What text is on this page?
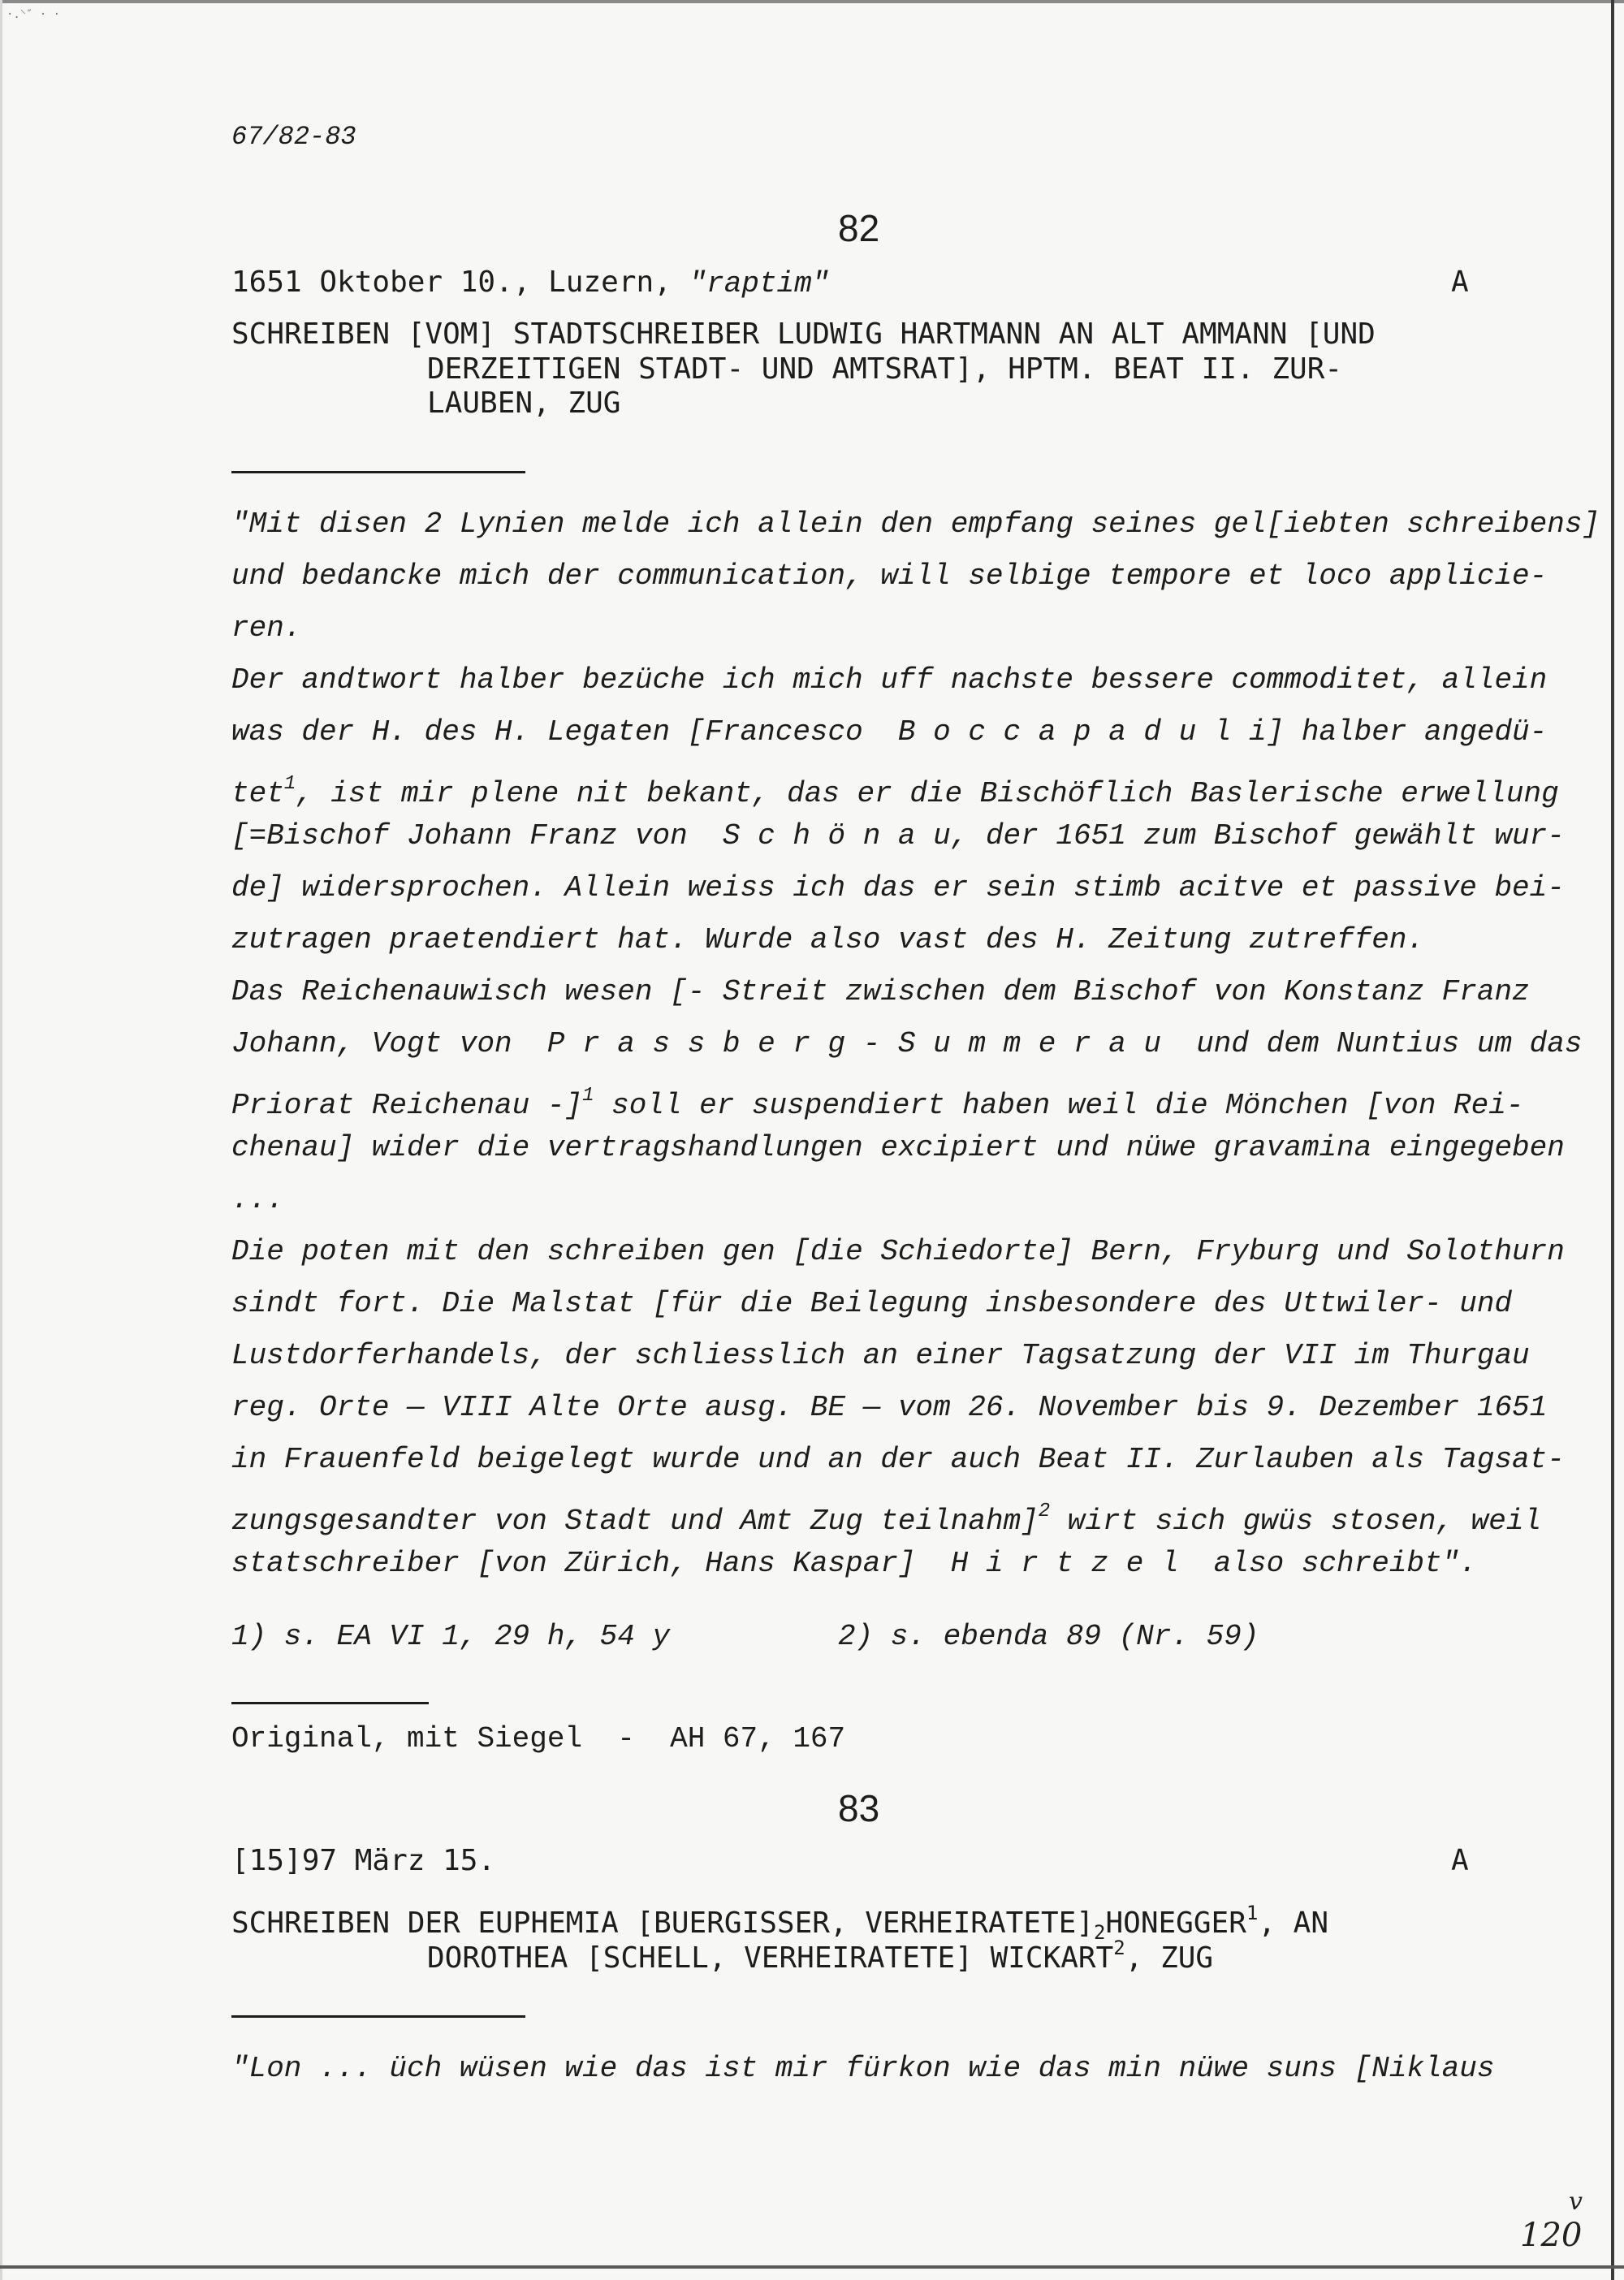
·.⸌″ · ·
67/82-83
82
1651 Oktober 10., Luzern, "raptim"	A
SCHREIBEN [VOM] STADTSCHREIBER LUDWIG HARTMANN AN ALT AMMANN [UND
DERZEITIGEN STADT- UND AMTSRAT], HPTM. BEAT II. ZUR-
LAUBEN, ZUG
"Mit disen 2 Lynien melde ich allein den empfang seines gel[iebten schreibens]
und bedancke mich der communication, will selbige tempore et loco applicie-
ren.
Der andtwort halber bezüche ich mich uff nachste bessere commoditet, allein
was der H. des H. Legaten [Francesco  B o c c a p a d u l i] halber angedü-
tet$^1$, ist mir plene nit bekant, das er die Bischöflich Baslerische erwellung
[=Bischof Johann Franz von  S c h ö n a u, der 1651 zum Bischof gewählt wur-
de] widersprochen. Allein weiss ich das er sein stimb acitve et passive bei-
zutragen praetendiert hat. Wurde also vast des H. Zeitung zutreffen.
Das Reichenauwisch wesen [- Streit zwischen dem Bischof von Konstanz Franz
Johann, Vogt von  P r a s s b e r g - S u m m e r a u  und dem Nuntius um das
Priorat Reichenau -]$^1$ soll er suspendiert haben weil die Mönchen [von Rei-
chenau] wider die vertragshandlungen excipiert und nüwe gravamina eingegeben
...
Die poten mit den schreiben gen [die Schiedorte] Bern, Fryburg und Solothurn
sindt fort. Die Malstat [für die Beilegung insbesondere des Uttwiler- und
Lustdorferhandels, der schliesslich an einer Tagsatzung der VII im Thurgau
reg. Orte — VIII Alte Orte ausg. BE — vom 26. November bis 9. Dezember 1651
in Frauenfeld beigelegt wurde und an der auch Beat II. Zurlauben als Tagsat-
zungsgesandter von Stadt und Amt Zug teilnahm]$^2$ wirt sich gwüs stosen, weil
statschreiber [von Zürich, Hans Kaspar]  H i r t z e l  also schreibt".
1) s. EA VI 1, 29 h, 54 y	2) s. ebenda 89 (Nr. 59)
Original, mit Siegel  -  AH 67, 167
83
[15]97 März 15.	A
SCHREIBEN DER EUPHEMIA [BUERGISSER, $VERHEIRATETE]_2HONEGGER^1$, AN
DOROTHEA [SCHELL, VERHEIRATETE] WICKART$^2$, ZUG
"Lon ... üch wüsen wie das ist mir fürkon wie das min nüwe suns [Niklaus
v
120
